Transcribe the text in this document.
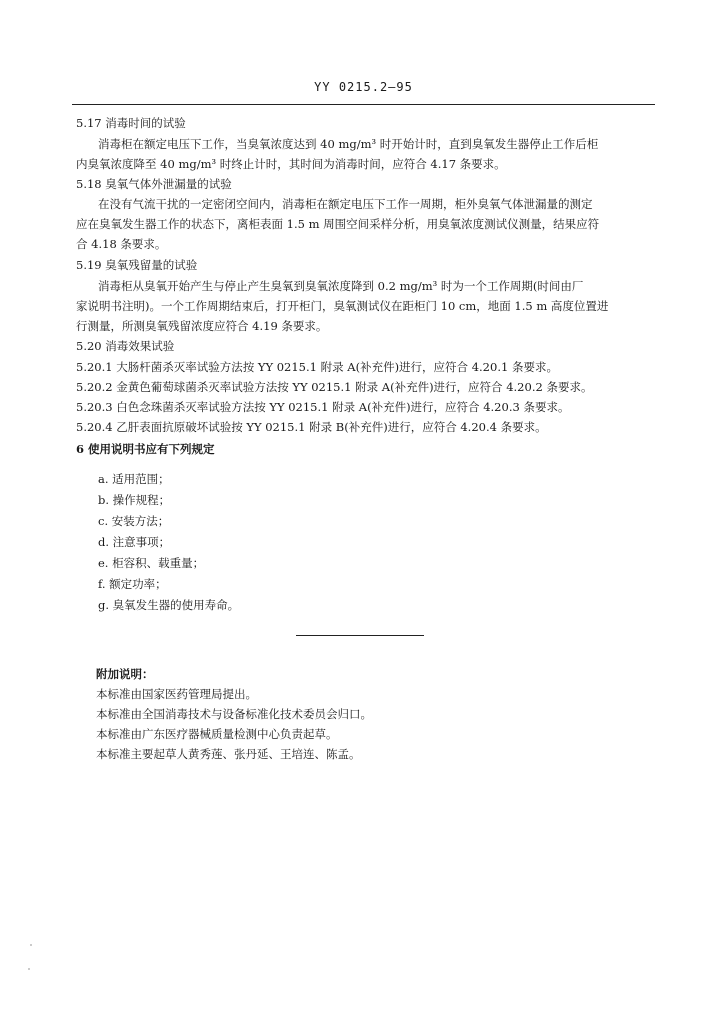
YY 0215.2—95
5.17 消毒时间的试验
消毒柜在额定电压下工作，当臭氧浓度达到 40 mg/m³ 时开始计时，直到臭氧发生器停止工作后柜
内臭氧浓度降至 40 mg/m³ 时终止计时，其时间为消毒时间，应符合 4.17 条要求。
5.18 臭氧气体外泄漏量的试验
在没有气流干扰的一定密闭空间内，消毒柜在额定电压下工作一周期，柜外臭氧气体泄漏量的测定
应在臭氧发生器工作的状态下，离柜表面 1.5 m 周围空间采样分析，用臭氧浓度测试仪测量，结果应符
合 4.18 条要求。
5.19 臭氧残留量的试验
消毒柜从臭氧开始产生与停止产生臭氧到臭氧浓度降到 0.2 mg/m³ 时为一个工作周期(时间由厂
家说明书注明)。一个工作周期结束后，打开柜门，臭氧测试仪在距柜门 10 cm，地面 1.5 m 高度位置进
行测量，所测臭氧残留浓度应符合 4.19 条要求。
5.20 消毒效果试验
5.20.1 大肠杆菌杀灭率试验方法按 YY 0215.1 附录 A(补充件)进行，应符合 4.20.1 条要求。
5.20.2 金黄色葡萄球菌杀灭率试验方法按 YY 0215.1 附录 A(补充件)进行，应符合 4.20.2 条要求。
5.20.3 白色念珠菌杀灭率试验方法按 YY 0215.1 附录 A(补充件)进行，应符合 4.20.3 条要求。
5.20.4 乙肝表面抗原破坏试验按 YY 0215.1 附录 B(补充件)进行，应符合 4.20.4 条要求。
6 使用说明书应有下列规定
a. 适用范围；
b. 操作规程；
c. 安装方法；
d. 注意事项；
e. 柜容积、载重量；
f. 额定功率；
g. 臭氧发生器的使用寿命。
附加说明：
本标准由国家医药管理局提出。
本标准由全国消毒技术与设备标准化技术委员会归口。
本标准由广东医疗器械质量检测中心负责起草。
本标准主要起草人黄秀莲、张丹延、王培连、陈孟。
